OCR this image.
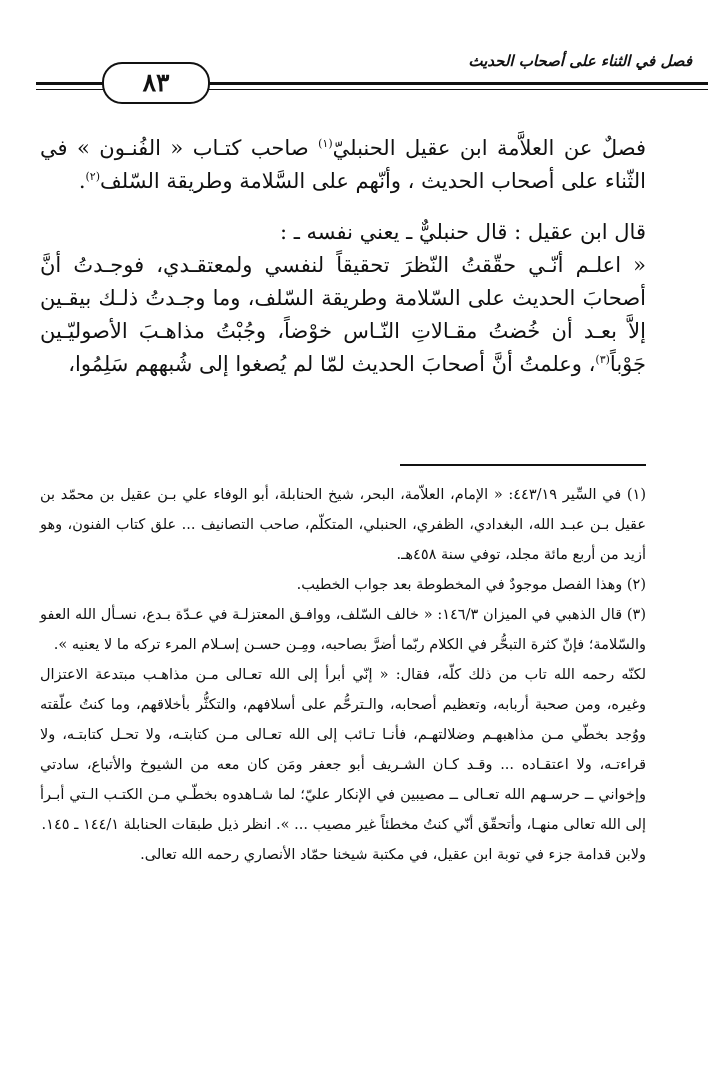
فصل في الثناء على أصحاب الحديث
٨٣

فصلٌ عن العلاَّمة ابن عقيل الحنبليّ$^{(١)}$ صاحب كتـاب « الفُنـون » في الثّناء على أصحاب الحديث ، وأنّهم على السَّلامة وطريقة السّلف$^{(٢)}$.

قال ابن عقيل : قال حنبليٌّ ـ يعني نفسه ـ :

« اعلـم أنّـي حقّقتُ النّظرَ تحقيقاً لنفسي ولمعتقـدي، فوجـدتُ أنَّ أصحابَ الحديث على السّلامة وطريقة السّلف، وما وجـدتُ ذلـك بيقـين إلاَّ بعـد أن خُضتُ مقـالاتِ النّـاس خوْضاً، وجُبْتُ مذاهـبَ الأصوليّـين جَوْباً$^{(٣)}$، وعلمتُ أنَّ أصحابَ الحديث لمّا لم يُصغوا إلى شُبههم سَلِمُوا،

(١) في السِّير ٤٤٣/١٩: « الإمام، العلاّمة، البحر، شيخ الحنابلة، أبو الوفاء علي بـن عقيل بن محمّد بن عقيل بـن عبـد الله، البغدادي، الظفري، الحنبلي، المتكلّم، صاحب التصانيف ... علق كتاب الفنون، وهو أزيد من أربع مائة مجلد، توفي سنة ٤٥٨هـ.

(٢) وهذا الفصل موجودٌ في المخطوطة بعد جواب الخطيب.

(٣) قال الذهبي في الميزان ١٤٦/٣: « خالف السّلف، ووافـق المعتزلـة في عـدّة بـدع، نسـأل الله العفو والسّلامة؛ فإنّ كثرة التبحُّر في الكلام ربّما أضرَّ بصاحبه، ومِـن حسـن إسـلام المرء تركه ما لا يعنيه ».

لكنّه رحمه الله تاب من ذلك كلّه، فقال: « إنّي أبرأ إلى الله تعـالى مـن مذاهـب مبتدعة الاعتزال وغيره، ومن صحبة أربابه، وتعظيم أصحابه، والـترحُّم على أسلافهم، والتكثُّر بأخلاقهم، وما كنتُ علّقته ووُجد بخطّي مـن مذاهبهـم وضلالتهـم، فأنـا تـائب إلى الله تعـالى مـن كتابتـه، ولا تحـل كتابتـه، ولا قراءتـه، ولا اعتقـاده ... وقـد كـان الشـريف أبو جعفر ومَن كان معه من الشيوخ والأتباع، سادتي وإخواني ــ حرسـهم الله تعـالى ــ مصيبين في الإنكار عليّ؛ لما شـاهدوه بخطّـي مـن الكتـب الـتي أبـرأ إلى الله تعالى منهـا، وأتحقّق أنّي كنتُ مخطئاً غير مصيب ... ». انظر ذيل طبقات الحنابلة ١٤٤/١ ـ ١٤٥.

ولابن قدامة جزء في توبة ابن عقيل، في مكتبة شيخنا حمّاد الأنصاري رحمه الله تعالى.
